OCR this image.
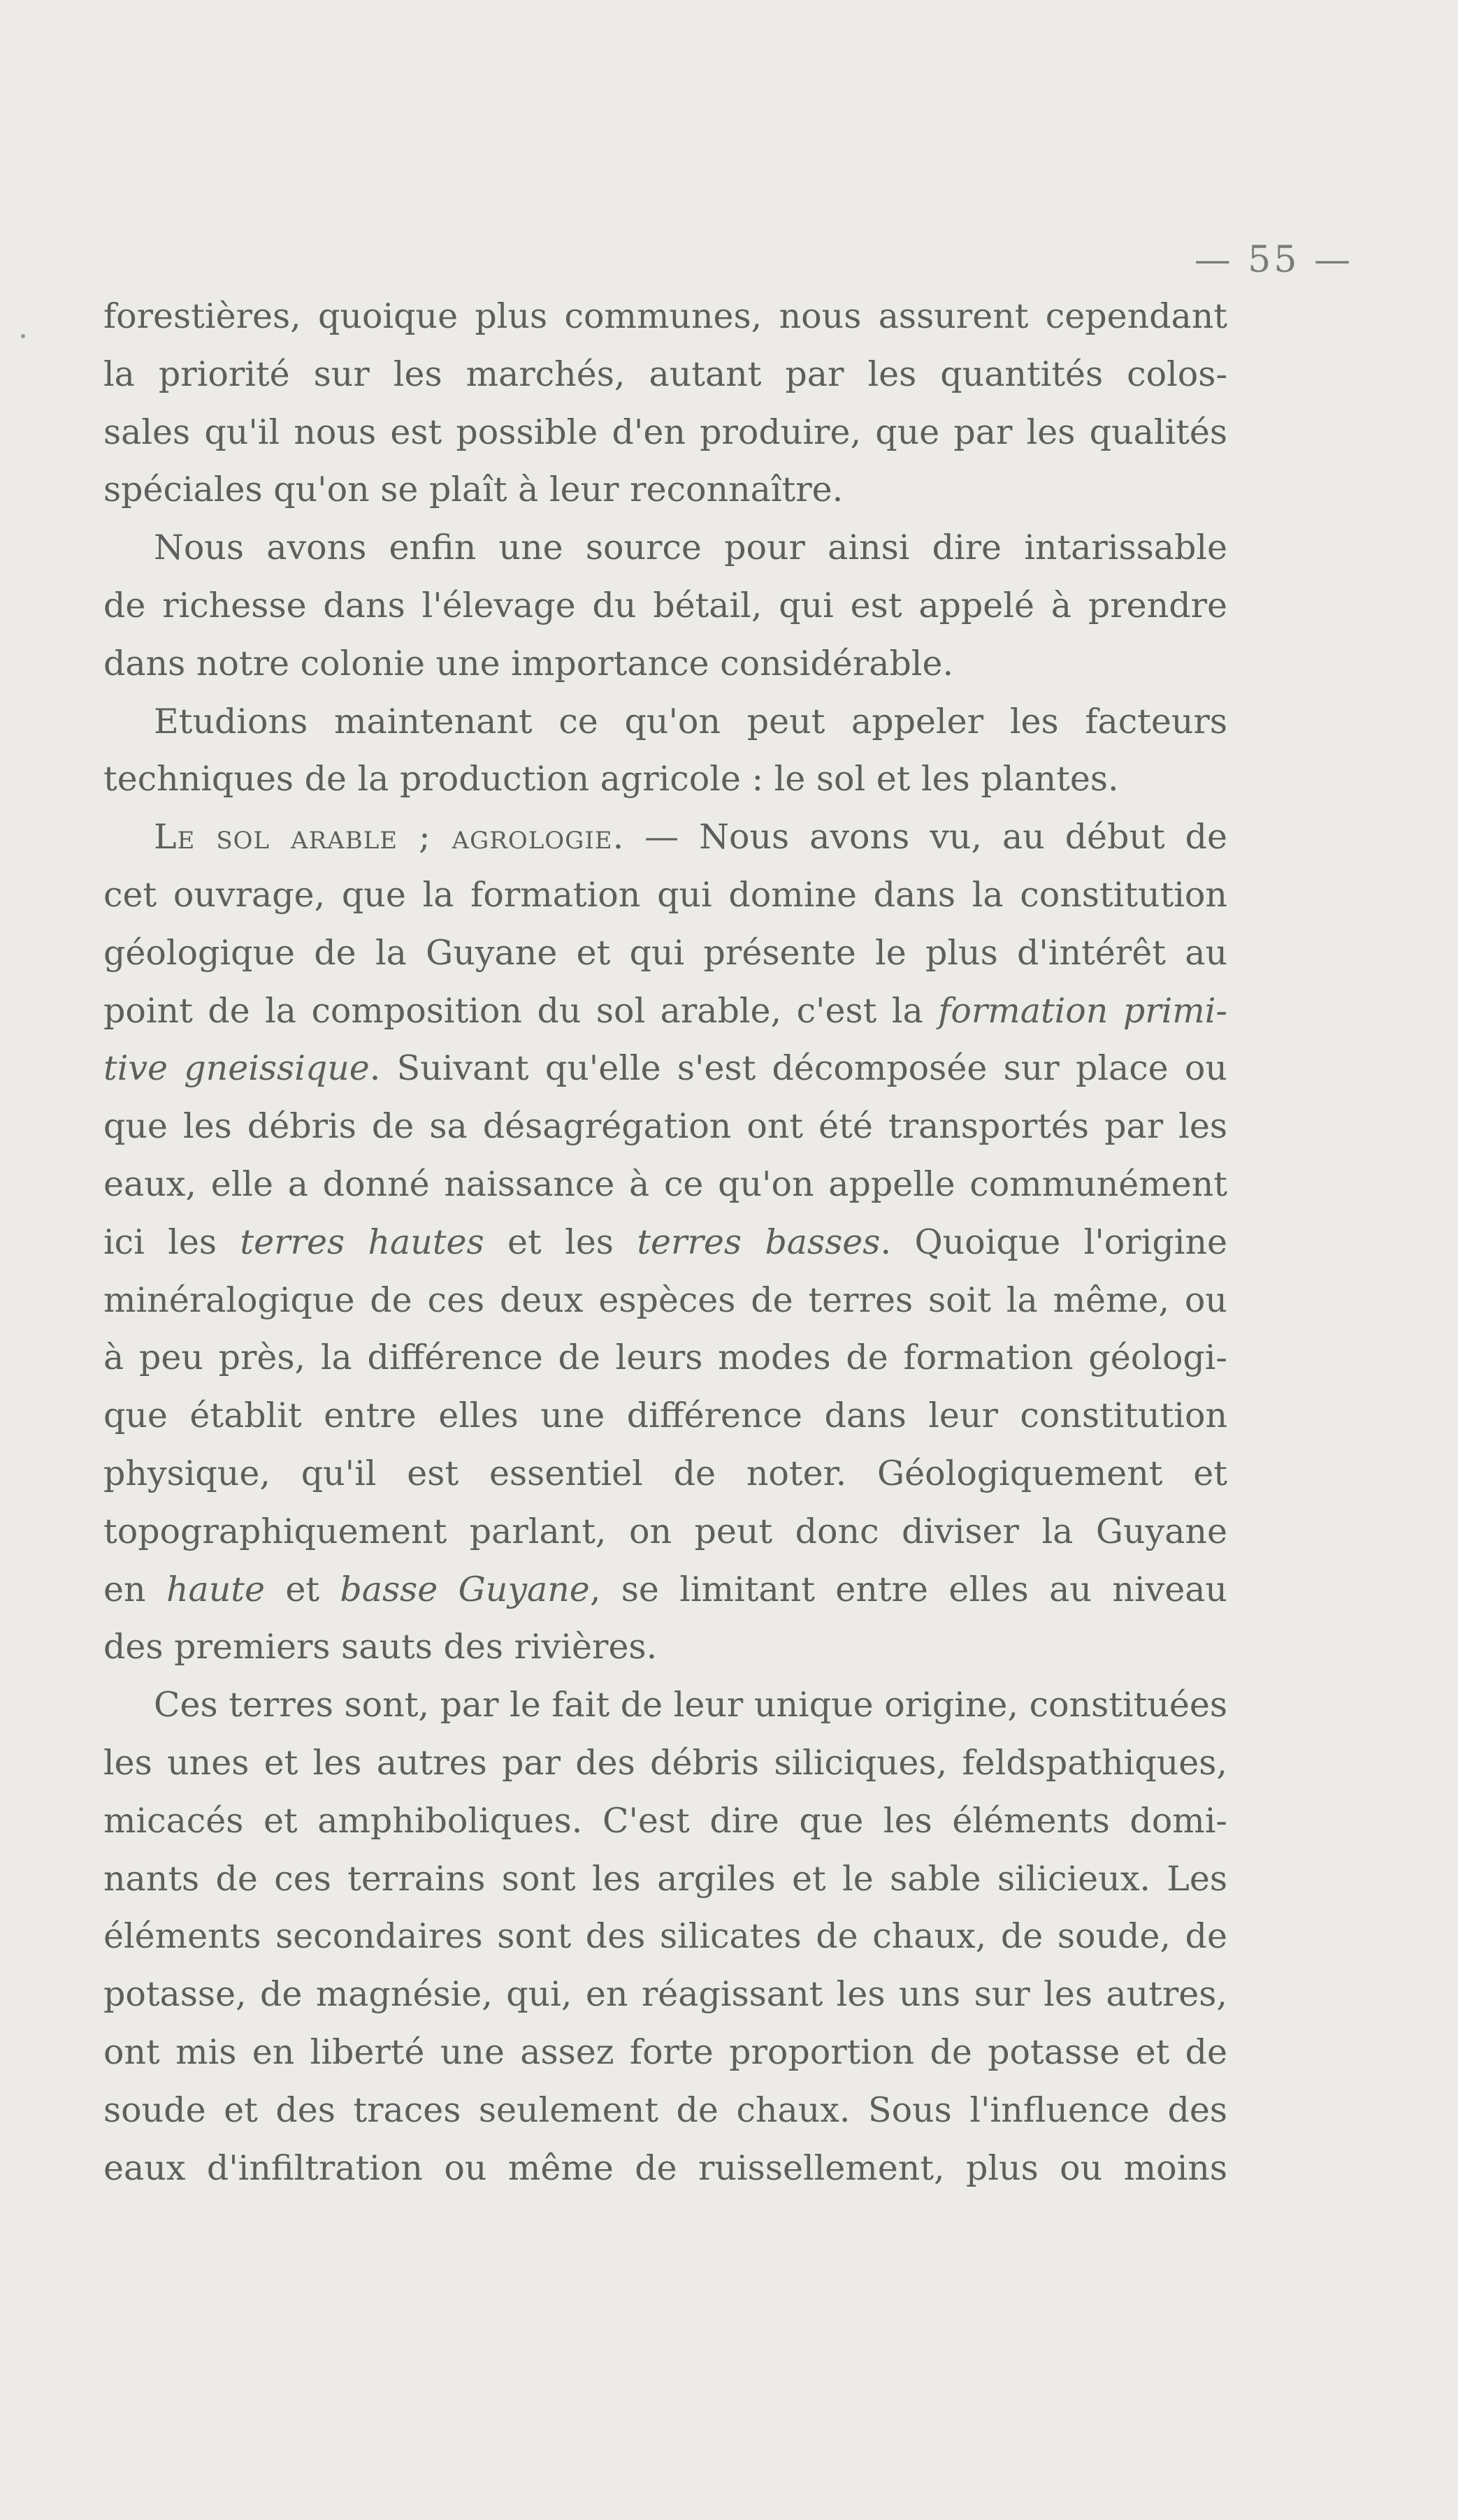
— 55 —
forestières, quoique plus communes, nous assurent cependant
la priorité sur les marchés, autant par les quantités colos-
sales qu'il nous est possible d'en produire, que par les qualités
spéciales qu'on se plaît à leur reconnaître.
Nous avons enfin une source pour ainsi dire intarissable
de richesse dans l'élevage du bétail, qui est appelé à prendre
dans notre colonie une importance considérable.
Etudions maintenant ce qu'on peut appeler les facteurs
techniques de la production agricole : le sol et les plantes.
Le sol arable ; agrologie. — Nous avons vu, au début de
cet ouvrage, que la formation qui domine dans la constitution
géologique de la Guyane et qui présente le plus d'intérêt au
point de la composition du sol arable, c'est la formation primi-
tive gneissique. Suivant qu'elle s'est décomposée sur place ou
que les débris de sa désagrégation ont été transportés par les
eaux, elle a donné naissance à ce qu'on appelle communément
ici les terres hautes et les terres basses. Quoique l'origine
minéralogique de ces deux espèces de terres soit la même, ou
à peu près, la différence de leurs modes de formation géologi-
que établit entre elles une différence dans leur constitution
physique, qu'il est essentiel de noter. Géologiquement et
topographiquement parlant, on peut donc diviser la Guyane
en haute et basse Guyane, se limitant entre elles au niveau
des premiers sauts des rivières.
Ces terres sont, par le fait de leur unique origine, constituées
les unes et les autres par des débris siliciques, feldspathiques,
micacés et amphiboliques. C'est dire que les éléments domi-
nants de ces terrains sont les argiles et le sable silicieux. Les
éléments secondaires sont des silicates de chaux, de soude, de
potasse, de magnésie, qui, en réagissant les uns sur les autres,
ont mis en liberté une assez forte proportion de potasse et de
soude et des traces seulement de chaux. Sous l'influence des
eaux d'infiltration ou même de ruissellement, plus ou moins
